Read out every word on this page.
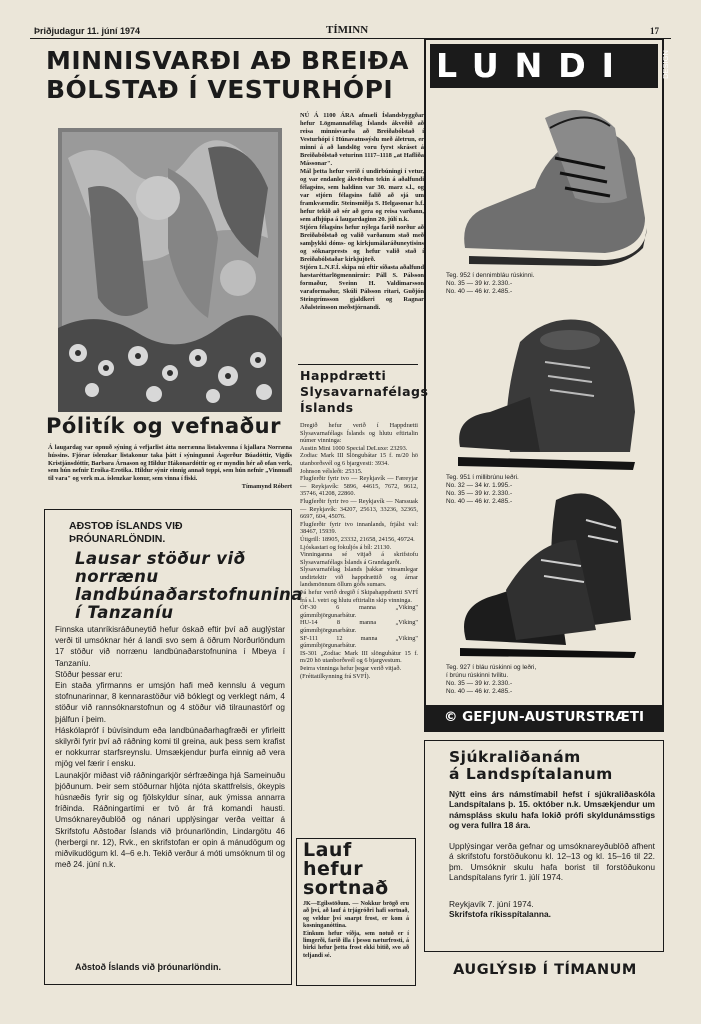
Þriðjudagur 11. júní 1974	TÍMINN	17
MINNISVARÐI AÐ BREIÐA
BÓLSTAÐ Í VESTURHÓPI
NÚ Á 1100 ÁRA afmæli Íslandsbyggðar hefur Lögmannafélag Íslands ákveðið að reisa minnisvarða að Breiðabólstað í Vesturhópi í Húnavatnssýslu með áletrun, er minni á að landslög voru fyrst skráset á Breiðabólstað veturinn 1117–1118 „at Hafliða Mássonar".
Mál þetta hefur verið í undirbúningi í vetur, og var endanleg ákvörðun tekin á aðalfundi félagsins, sem haldinn var 30. marz s.l., og var stjórn félagsins falið að sjá um framkvæmdir. Steinsmiðja S. Helgasonar h.f. hefur tekið að sér að gera og reisa varðann, sem afhjúpa á laugardaginn 20. júlí n.k.
Stjórn félagsins hefur nýlega farið norður að Breiðabólstað og valið varðanum stað með samþykki dóms- og kirkjumálaráðuneytisins og sóknarprests og hefur valið stað í Breiðabólstaðar kirkjujörð.
Stjórn L.N.F.Í. skipa nú eftir síðasta aðalfund hæstaréttarlögmennirnir: Páll S. Pálsson formaður, Sveinn H. Valdimarsson varaformaður, Skúli Pálsson ritari, Guðjón Steingrímsson gjaldkeri og Ragnar Aðalsteinsson meðstjórnandi.
Pólitík og vefnaður
Á laugardag var opnuð sýning á vefjarlist átta norrænna listakvenna í kjallara Norræna hússins. Fjórar íslenzkar listakonur taka þátt í sýningunni Ásgerður Búadóttir, Vigdís Kristjánsdóttir, Barbara Árnason og Hildur Hákonardóttir og er myndin hér að ofan verk, sem hún nefnir Eroika-Erotika. Hildur sýnir einnig annað teppi, sem hún nefnir „Vinnuafl til vara" og verk m.a. íslenzkar konur, sem vinna í fiski.
Tímamynd Róbert
AÐSTOÐ ÍSLANDS VIÐ
ÞRÓUNARLÖNDIN.
Lausar stöður við norrænu landbúnaðarstofnunina í Tanzaníu
Finnska utanríkisráðuneytið hefur óskað eftir því að auglýstar verði til umsóknar hér á landi svo sem á öðrum Norðurlöndum 17 stöður við norrænu landbúnaðarstofnunina í Mbeya í Tanzaníu.
Stöður þessar eru:
Ein staða yfirmanns er umsjón hafi með kennslu á vegum stofnunarinnar, 8 kennarastöður við bóklegt og verklegt nám, 4 stöður við rannsóknarstofnun og 4 stöður við tilraunastörf og þjálfun í þeim.
Háskólapróf í búvísindum eða landbúnaðarhagfræði er yfirleitt skilyrði fyrir því að ráðning komi til greina, auk þess sem krafist er nokkurrar starfsreynslu. Umsækjendur þurfa einnig að vera mjög vel færir í ensku.
Launakjör miðast við ráðningarkjör sérfræðinga hjá Sameinuðu þjóðunum. Þeir sem stöðurnar hljóta njóta skattfrelsis, ókeypis húsnæðis fyrir sig og fjölskyldur sínar, auk ýmissa annarra fríðinda. Ráðningartími er tvö ár frá komandi hausti. Umsóknareyðublöð og nánari upplýsingar verða veittar á Skrifstofu Aðstoðar Íslands við þróunarlöndin, Lindargötu 46 (herbergi nr. 12), Rvk., en skrifstofan er opin á mánudögum og miðvikudögum kl. 4–6 e.h. Tekið verður á móti umsóknum til og með 24. júní n.k.
Aðstoð Íslands við þróunarlöndin.
Happdrætti Slysavarnafélags Íslands
Dregið hefur verið í Happdrætti Slysavarnafélags Íslands og hlutu eftirtalin númer vinninga:
Austin Mini 1000 Special DeLuxe: 23293.
Zodiac Mark III Slöngubátar 15 f. m/20 hö utanborðsvél og 6 bjargvesti: 3934.
Johnson vélsleði: 25315.
Flugferðir fyrir tvo — Reykjavík — Færeyjar — Reykjavík: 5896, 44615, 7672, 9612, 35746, 41208, 22860.
Flugferðir fyrir tvo — Reykjavík — Narssuak — Reykjavík: 34207, 25613, 33236, 32365, 6697, 604, 45076.
Flugferðir fyrir tvo innanlands, frjálst val: 38467, 15939.
Útigrill: 18905, 23332, 21658, 24156, 49724.
Ljóskastari og fokuljós á bíl: 21130.
Vinninganna sé vitjað á skrifstofu Slysavarnafélags Íslands á Grandagarði.
Slysavarnafélag Íslands þakkar vinsamlegar undirtektir við happdrættið og árnar landsmönnum öllum góðs sumars.
Þá hefur verið dregið í Skipahappdrætti SVFÍ frá s.l. vetri og hlutu eftirtalin skip vinninga.
ÓF-30 6 manna „Viking" gúmmíbjörgunarbátur.
HU-14 8 manna „Viking" gúmmíbjörgunarbátur.
SF-111 12 manna „Viking" gúmmíbjörgunarbátur.
IS-301 „Zodiac Mark III slöngubátur 15 f. m/20 hö utanborðsvél og 6 bjargvestum.
Þeirra vinninga hefur þegar verið vitjað.
(Fréttatilkynning frá SVFÍ).
Lauf
hefur
sortnað
JK—Egilsstöðum. — Nokkur brögð eru að því, að lauf á trjágróðri hafi sortnað, og veldur því snarpt frost, er kom á kosninganóttina.
Einkum hefur víðja, sem notuð er í limgerði, farið illa í þessu næturfrosti, á birki hefur þetta frost ekki bitið, svo að teljandi sé.
LUNDI	DESIGN
Teg. 952 í dennimbláu rúskinni.
No. 35 — 39 kr. 2.330.-
No. 40 — 46 kr. 2.485.-
Teg. 951 í millibrúnu leðri.
No. 32 — 34 kr. 1.995.-
No. 35 — 39 kr. 2.330.-
No. 40 — 46 kr. 2.485.-
Teg. 927 í bláu rúskinni og leðri,
í brúnu rúskinni tvílitu.
No. 35 — 39 kr. 2.330.-
No. 40 — 46 kr. 2.485.-
© GEFJUN-AUSTURSTRÆTI
Sjúkraliðanám
á Landspítalanum
Nýtt eins árs námstímabil hefst í sjúkraliðaskóla Landspítalans þ. 15. október n.k. Umsækjendur um námspláss skulu hafa lokið prófi skyldunámsstigs og vera fullra 18 ára.
Upplýsingar verða gefnar og umsóknareyðublöð afhent á skrifstofu forstöðukonu kl. 12–13 og kl. 15–16 til 22. þm. Umsóknir skulu hafa borist til forstöðukonu Landspítalans fyrir 1. júlí 1974.
Reykjavík 7. júní 1974.
Skrifstofa ríkisspítalanna.
AUGLÝSIÐ Í TÍMANUM
